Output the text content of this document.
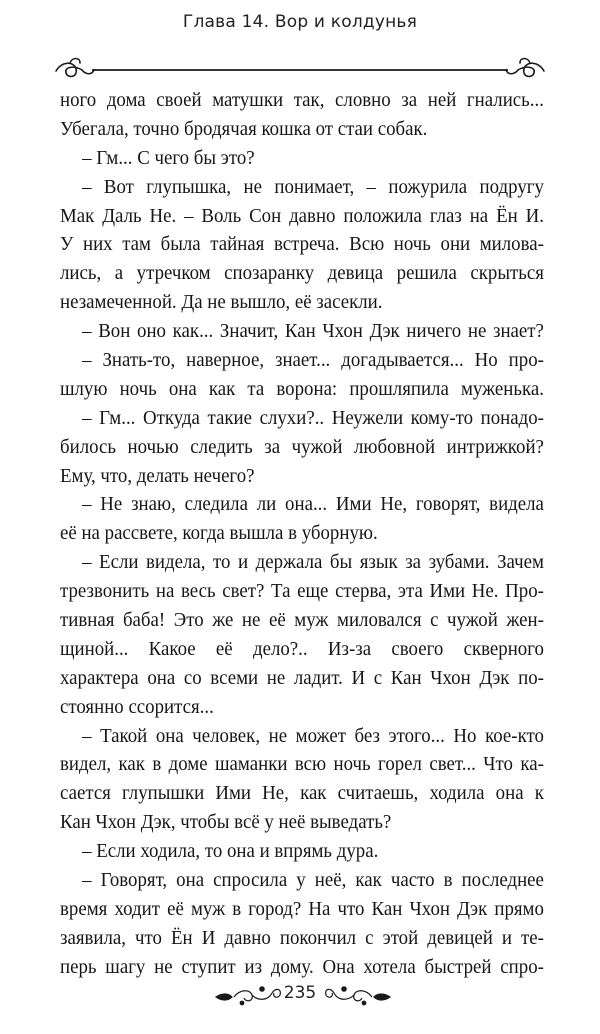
Глава 14. Вор и колдунья
ного дома своей матушки так, словно за ней гнались...
Убегала, точно бродячая кошка от стаи собак.
– Гм... С чего бы это?
– Вот глупышка, не понимает, – пожурила подругу
Мак Даль Не. – Воль Сон давно положила глаз на Ён И.
У них там была тайная встреча. Всю ночь они милова-
лись, а утречком спозаранку девица решила скрыться
незамеченной. Да не вышло, её засекли.
– Вон оно как... Значит, Кан Чхон Дэк ничего не знает?
– Знать-то, наверное, знает... догадывается... Но про-
шлую ночь она как та ворона: прошляпила муженька.
– Гм... Откуда такие слухи?.. Неужели кому-то понадо-
билось ночью следить за чужой любовной интрижкой?
Ему, что, делать нечего?
– Не знаю, следила ли она... Ими Не, говорят, видела
её на рассвете, когда вышла в уборную.
– Если видела, то и держала бы язык за зубами. Зачем
трезвонить на весь свет? Та еще стерва, эта Ими Не. Про-
тивная баба! Это же не её муж миловался с чужой жен-
щиной... Какое её дело?.. Из-за своего скверного
характера она со всеми не ладит. И с Кан Чхон Дэк по-
стоянно ссорится...
– Такой она человек, не может без этого... Но кое-кто
видел, как в доме шаманки всю ночь горел свет... Что ка-
сается глупышки Ими Не, как считаешь, ходила она к
Кан Чхон Дэк, чтобы всё у неё выведать?
– Если ходила, то она и впрямь дура.
– Говорят, она спросила у неё, как часто в последнее
время ходит её муж в город? На что Кан Чхон Дэк прямо
заявила, что Ён И давно покончил с этой девицей и те-
перь шагу не ступит из дому. Она хотела быстрей спро-
235
